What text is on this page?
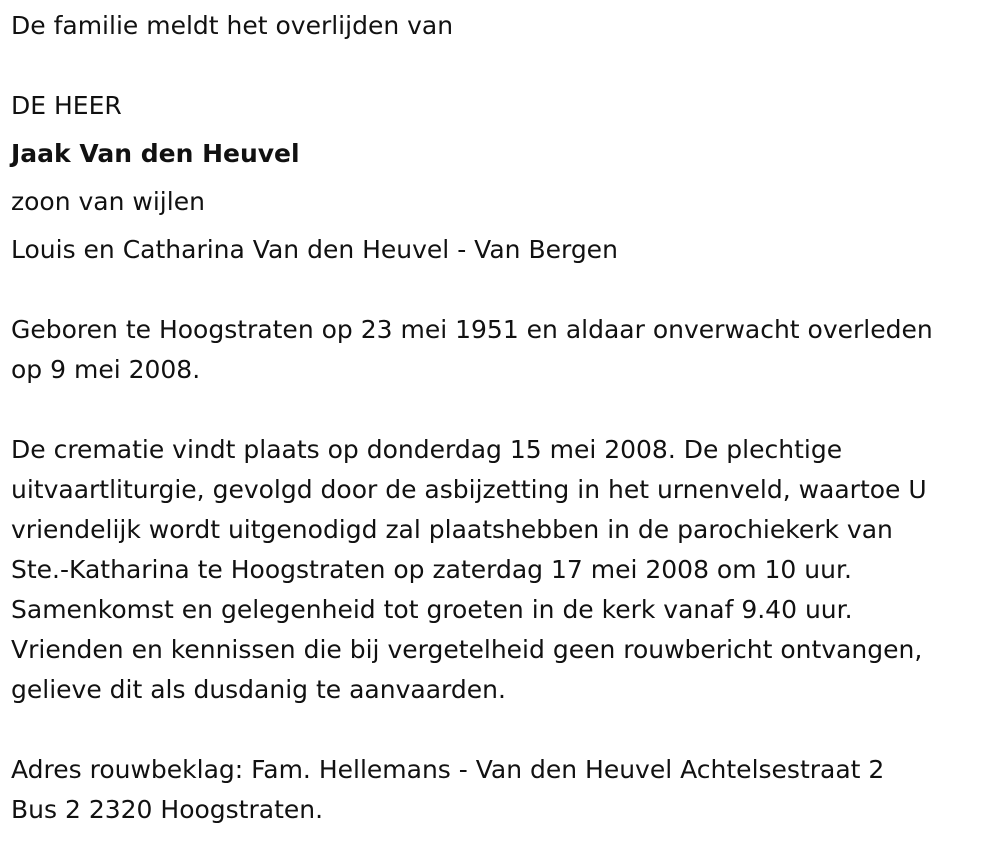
De familie meldt het overlijden van

DE HEER

Jaak Van den Heuvel

zoon van wijlen

Louis en Catharina Van den Heuvel - Van Bergen

Geboren te Hoogstraten op 23 mei 1951 en aldaar onverwacht overleden

op 9 mei 2008.

De crematie vindt plaats op donderdag 15 mei 2008. De plechtige

uitvaartliturgie, gevolgd door de asbijzetting in het urnenveld, waartoe U

vriendelijk wordt uitgenodigd zal plaatshebben in de parochiekerk van

Ste.-Katharina te Hoogstraten op zaterdag 17 mei 2008 om 10 uur.

Samenkomst en gelegenheid tot groeten in de kerk vanaf 9.40 uur.

Vrienden en kennissen die bij vergetelheid geen rouwbericht ontvangen,

gelieve dit als dusdanig te aanvaarden.

Adres rouwbeklag: Fam. Hellemans - Van den Heuvel Achtelsestraat 2

Bus 2 2320 Hoogstraten.
